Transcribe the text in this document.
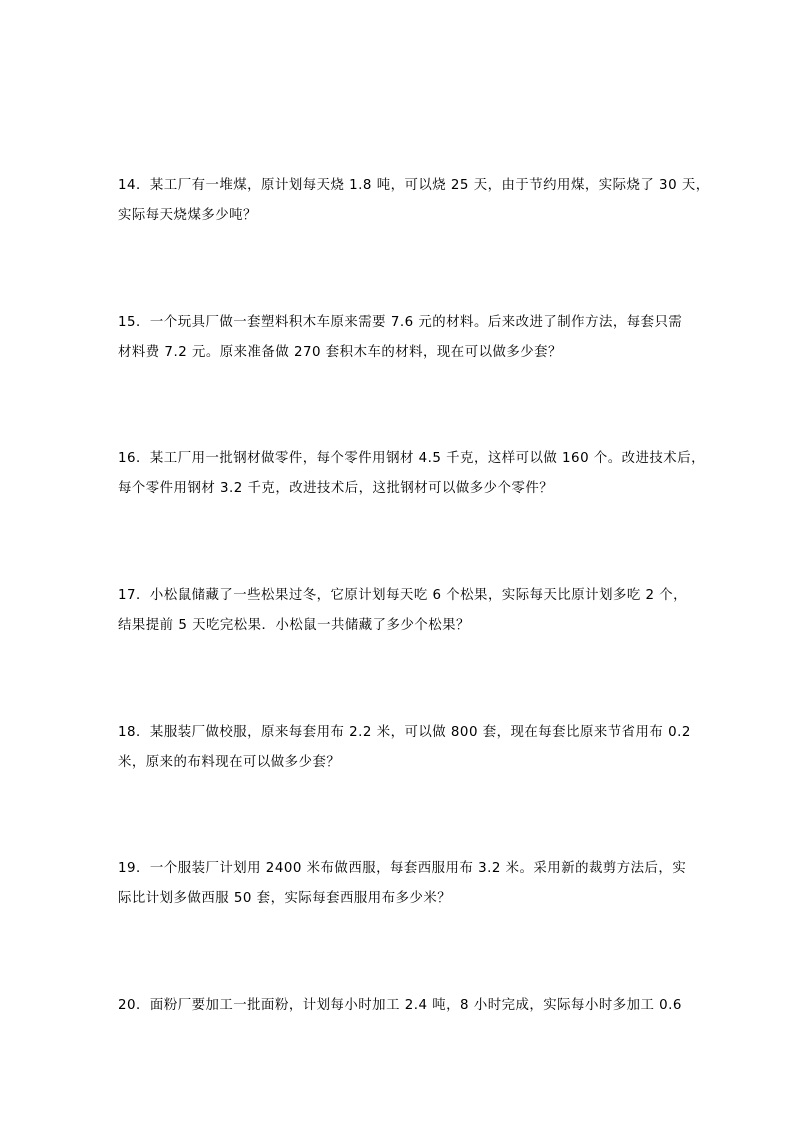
14．某工厂有一堆煤，原计划每天烧 1.8 吨，可以烧 25 天，由于节约用煤，实际烧了 30 天，
实际每天烧煤多少吨？
15．一个玩具厂做一套塑料积木车原来需要 7.6 元的材料。后来改进了制作方法，每套只需
材料费 7.2 元。原来准备做 270 套积木车的材料，现在可以做多少套？
16．某工厂用一批钢材做零件，每个零件用钢材 4.5 千克，这样可以做 160 个。改进技术后，
每个零件用钢材 3.2 千克，改进技术后，这批钢材可以做多少个零件？
17．小松鼠储藏了一些松果过冬，它原计划每天吃 6 个松果，实际每天比原计划多吃 2 个，
结果提前 5 天吃完松果．小松鼠一共储藏了多少个松果？
18．某服装厂做校服，原来每套用布 2.2 米，可以做 800 套，现在每套比原来节省用布 0.2
米，原来的布料现在可以做多少套？
19．一个服装厂计划用 2400 米布做西服，每套西服用布 3.2 米。采用新的裁剪方法后，实
际比计划多做西服 50 套，实际每套西服用布多少米？
20．面粉厂要加工一批面粉，计划每小时加工 2.4 吨，8 小时完成，实际每小时多加工 0.6
